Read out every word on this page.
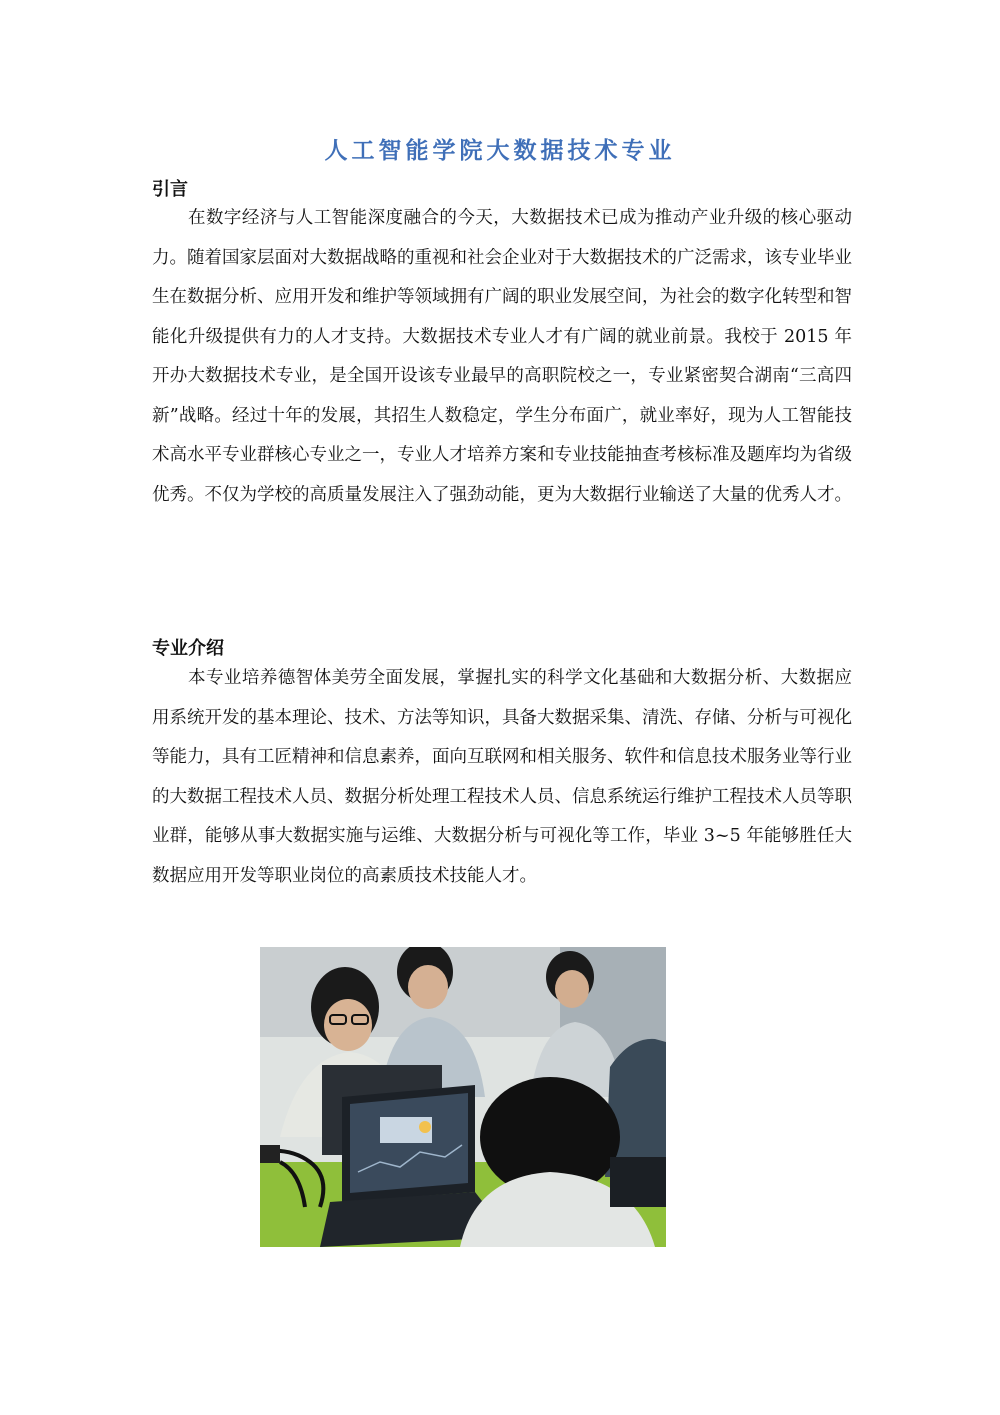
人工智能学院大数据技术专业
引言

在数字经济与人工智能深度融合的今天，大数据技术已成为推动产业升级的核心驱动力。随着国家层面对大数据战略的重视和社会企业对于大数据技术的广泛需求，该专业毕业生在数据分析、应用开发和维护等领域拥有广阔的职业发展空间，为社会的数字化转型和智能化升级提供有力的人才支持。大数据技术专业人才有广阔的就业前景。我校于 2015 年开办大数据技术专业，是全国开设该专业最早的高职院校之一，专业紧密契合湖南“三高四新”战略。经过十年的发展，其招生人数稳定，学生分布面广，就业率好，现为人工智能技术高水平专业群核心专业之一，专业人才培养方案和专业技能抽查考核标准及题库均为省级优秀。不仅为学校的高质量发展注入了强劲动能，更为大数据行业输送了大量的优秀人才。

专业介绍

本专业培养德智体美劳全面发展，掌握扎实的科学文化基础和大数据分析、大数据应用系统开发的基本理论、技术、方法等知识，具备大数据采集、清洗、存储、分析与可视化等能力，具有工匠精神和信息素养，面向互联网和相关服务、软件和信息技术服务业等行业的大数据工程技术人员、数据分析处理工程技术人员、信息系统运行维护工程技术人员等职业群，能够从事大数据实施与运维、大数据分析与可视化等工作，毕业 3~5 年能够胜任大数据应用开发等职业岗位的高素质技术技能人才。
